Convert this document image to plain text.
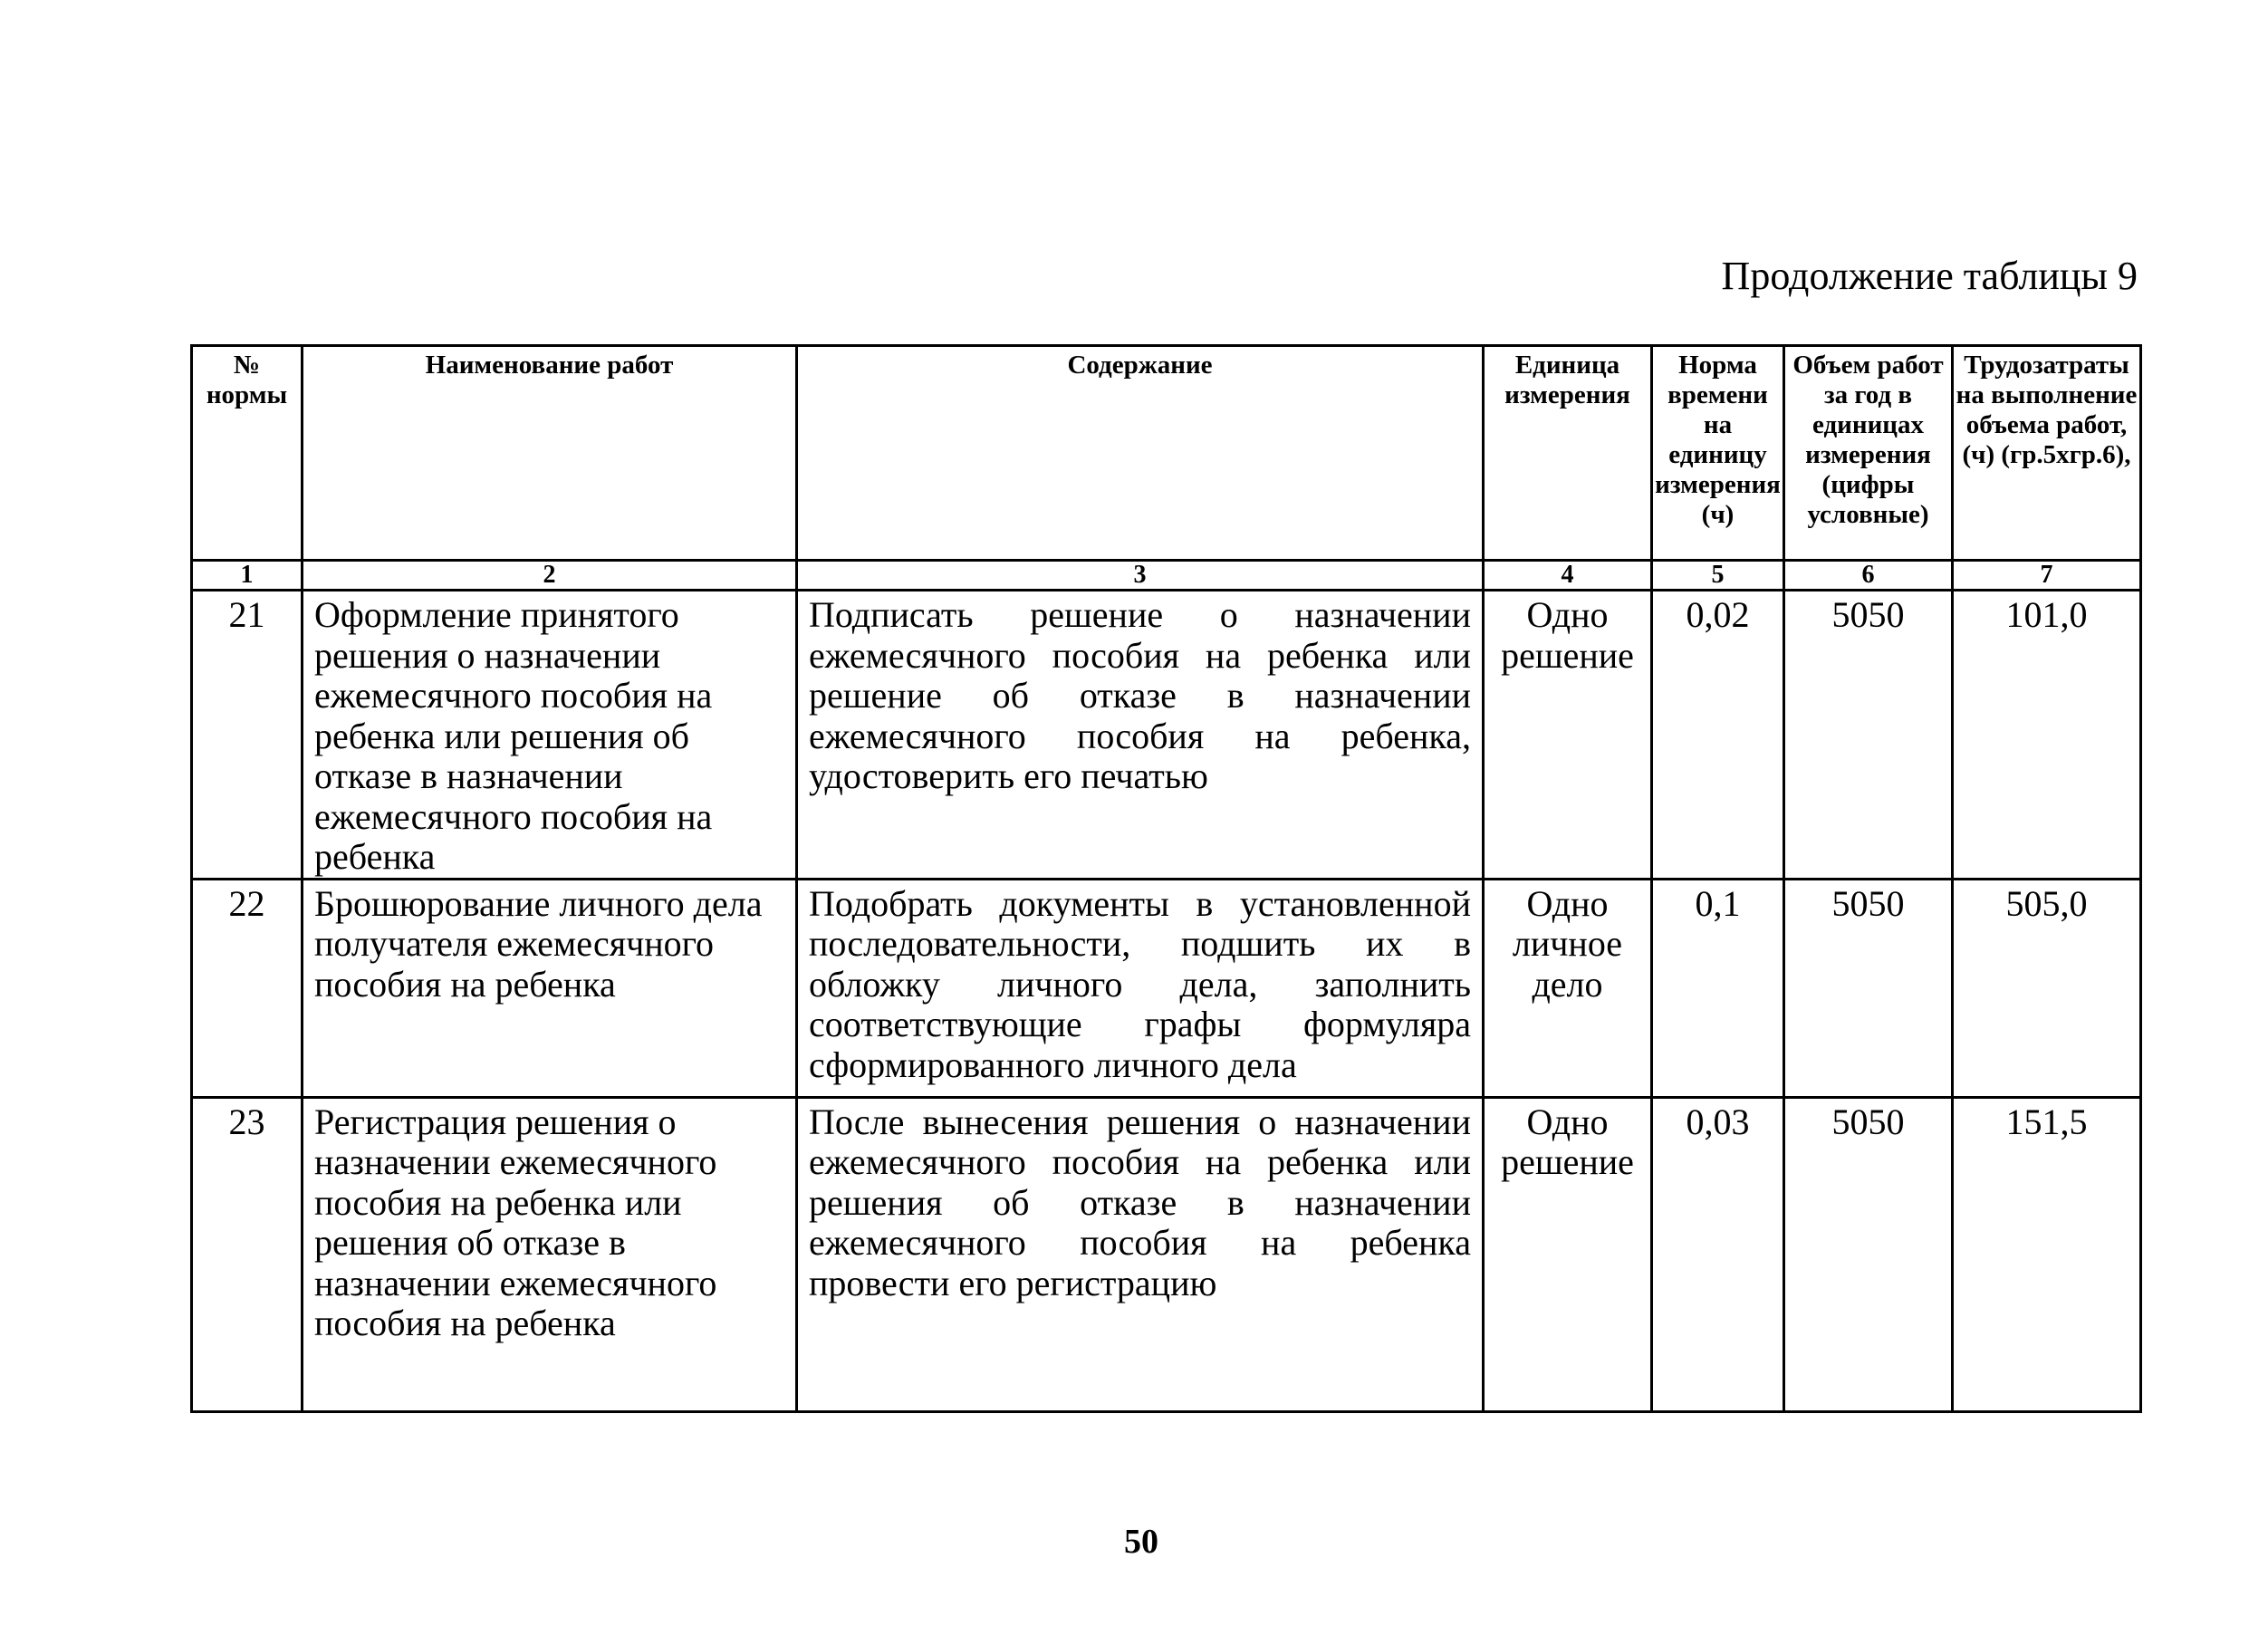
Продолжение таблицы 9
№ нормы	Наименование работ	Содержание	Единица измерения	Норма времени на единицу измерения (ч)	Объем работ за год в единицах измерения (цифры условные)	Трудозатраты на выполнение объема работ, (ч) (гр.5хгр.6),
1	2	3	4	5	6	7
21	Оформление принятого решения о назначении ежемесячного пособия на ребенка или решения об отказе в назначении ежемесячного пособия на ребенка	Подписать решение о назначении ежемесячного пособия на ребенка или решение об отказе в назначении ежемесячного пособия на ребенка, удостоверить его печатью	Одно решение	0,02	5050	101,0
22	Брошюрование личного дела получателя ежемесячного пособия на ребенка	Подобрать документы в установленной последовательности, подшить их в обложку личного дела, заполнить соответствующие графы формуляра сформированного личного дела	Одно личное дело	0,1	5050	505,0
23	Регистрация решения о назначении ежемесячного пособия на ребенка или решения об отказе в назначении ежемесячного пособия на ребенка	После вынесения решения о назначении ежемесячного пособия на ребенка или решения об отказе в назначении ежемесячного пособия на ребенка провести его регистрацию	Одно решение	0,03	5050	151,5
50
